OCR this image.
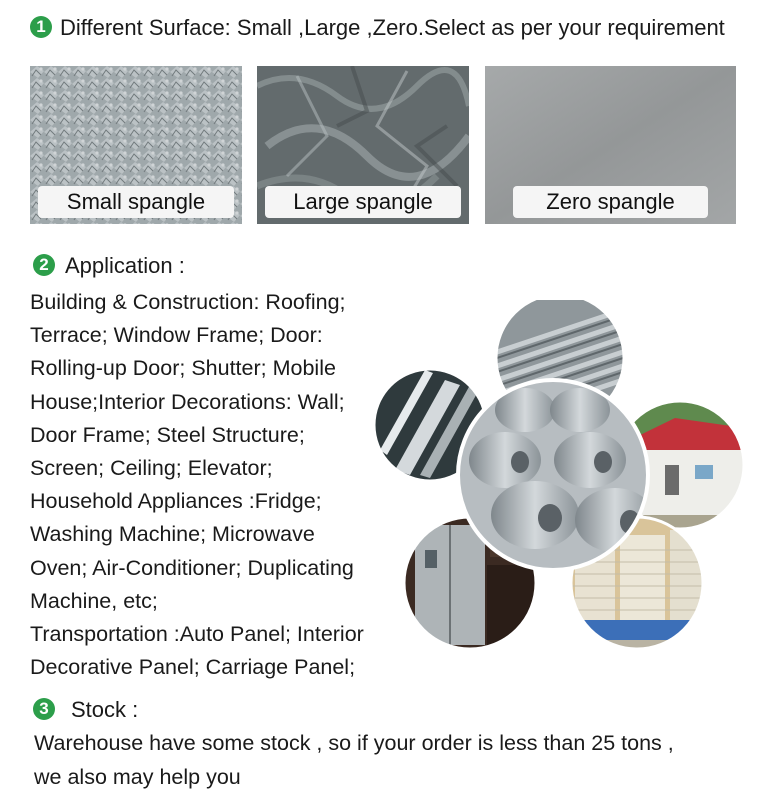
1 Different Surface: Small ,Large ,Zero.Select as per your requirement
Small spangle	Large spangle	Zero spangle
2 Application :
Building & Construction: Roofing;
Terrace; Window Frame; Door:
Rolling-up Door; Shutter; Mobile
House;Interior Decorations: Wall;
Door Frame; Steel Structure;
Screen; Ceiling; Elevator;
Household Appliances :Fridge;
Washing Machine; Microwave
Oven; Air-Conditioner; Duplicating
Machine, etc;
Transportation :Auto Panel; Interior
Decorative Panel; Carriage Panel;
3 Stock :
Warehouse have some stock , so if your order is less than 25 tons ,
we also may help you
